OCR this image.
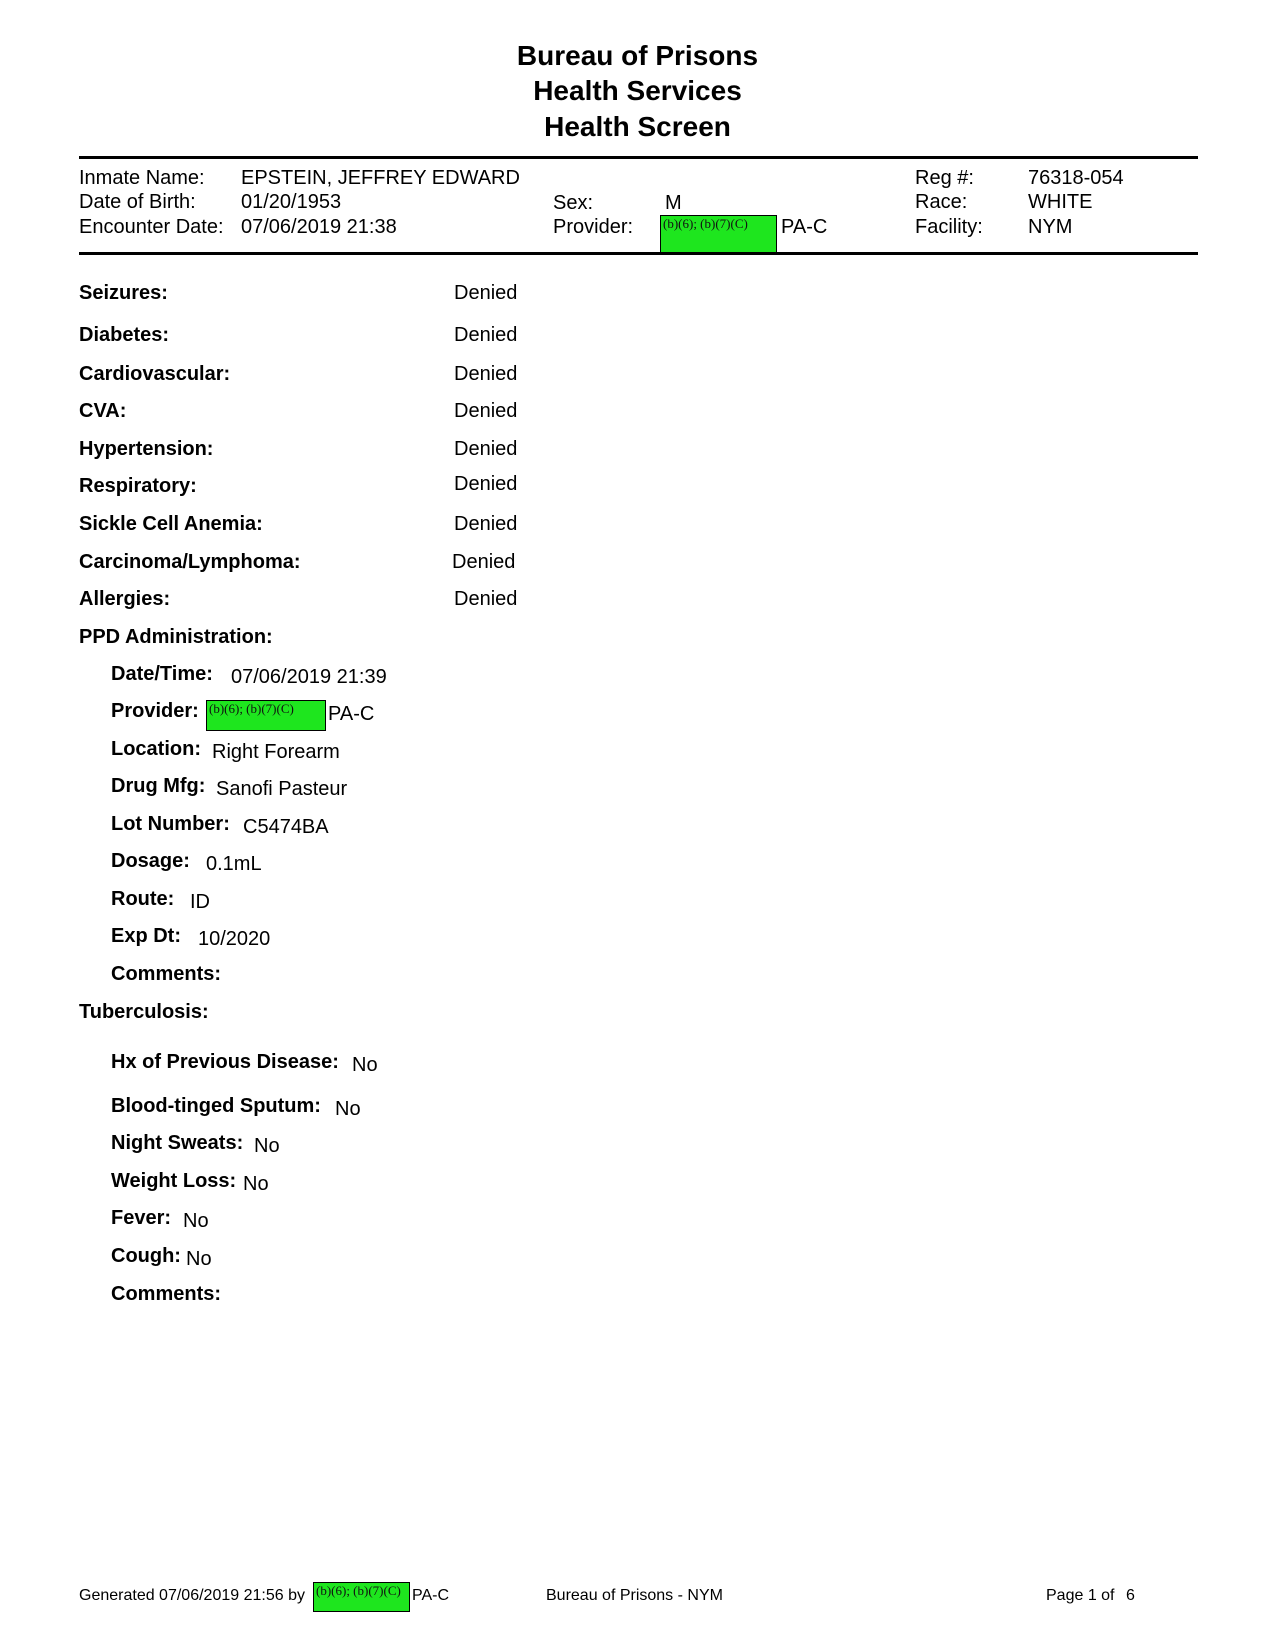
Bureau of Prisons
Health Services
Health Screen
Inmate Name: EPSTEIN, JEFFREY EDWARD
Date of Birth: 01/20/1953
Encounter Date: 07/06/2019 21:38
Sex:	M
Provider: (b)(6); (b)(7)(C)	PA-C
Reg #:	76318-054
Race:	WHITE
Facility: NYM
Seizures:	Denied
Diabetes:	Denied
Cardiovascular:	Denied
CVA:	Denied
Hypertension:	Denied
Respiratory:	Denied
Sickle Cell Anemia:	Denied
Carcinoma/Lymphoma:	Denied
Allergies:	Denied
PPD Administration:
Date/Time: 07/06/2019 21:39
Provider: (b)(6); (b)(7)(C)	PA-C
Location: Right Forearm
Drug Mfg: Sanofi Pasteur
Lot Number: C5474BA
Dosage: 0.1mL
Route: ID
Exp Dt: 10/2020
Comments:
Tuberculosis:
Hx of Previous Disease: No
Blood-tinged Sputum: No
Night Sweats: No
Weight Loss: No
Fever: No
Cough: No
Comments:
Generated 07/06/2019 21:56 by (b)(6); (b)(7)(C) PA-C	Bureau of Prisons - NYM	Page 1 of 6
